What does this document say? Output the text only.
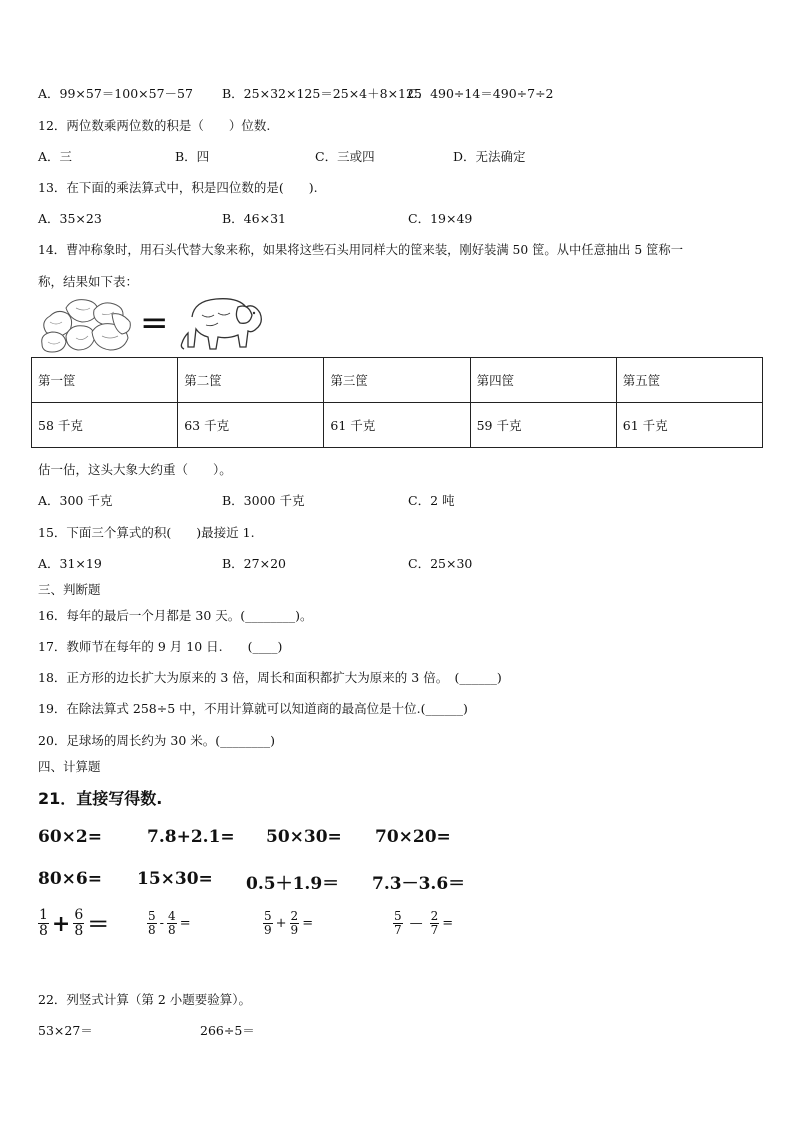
A．99×57＝100×57－57 B．25×32×125＝25×4＋8×125
C．490÷14＝490÷7÷2
12．两位数乘两位数的积是（　　）位数.
A．三	B．四	C．三或四	D．无法确定
13．在下面的乘法算式中，积是四位数的是(　　).
A．35×23	B．46×31	C．19×49
14．曹冲称象时，用石头代替大象来称，如果将这些石头用同样大的筐来装，刚好装满 50 筐。从中任意抽出 5 筐称一
称，结果如下表：
=
第一筐	第二筐	第三筐	第四筐	第五筐
58 千克	63 千克	61 千克	59 千克	61 千克
估一估，这头大象大约重（　　）。
A．300 千克	B．3000 千克	C．2 吨
15．下面三个算式的积(　　)最接近 1.
A．31×19	B．27×20	C．25×30
三、判断题
16．每年的最后一个月都是 30 天。(________)。
17．教师节在每年的 9 月 10 日.　　(____)
18．正方形的边长扩大为原来的 3 倍，周长和面积都扩大为原来的 3 倍。　(______)
19．在除法算式 258÷5 中，不用计算就可以知道商的最高位是十位.(______)
20．足球场的周长约为 30 米。(________)
四、计算题
21．直接写得数.
60×2=	7.8+2.1= 50×30= 70×20=
80×6= 15×30= 0.5＋1.9＝ 7.3－3.6＝
$\frac{1}{8} + \frac{6}{8}$ ＝	$\frac{5}{8} - \frac{4}{8}$ =	$\frac{5}{9} + \frac{2}{9}$ =	$\frac{5}{7}$ — $\frac{2}{7}$ =
22．列竖式计算（第 2 小题要验算）。
53×27＝	266÷5＝
